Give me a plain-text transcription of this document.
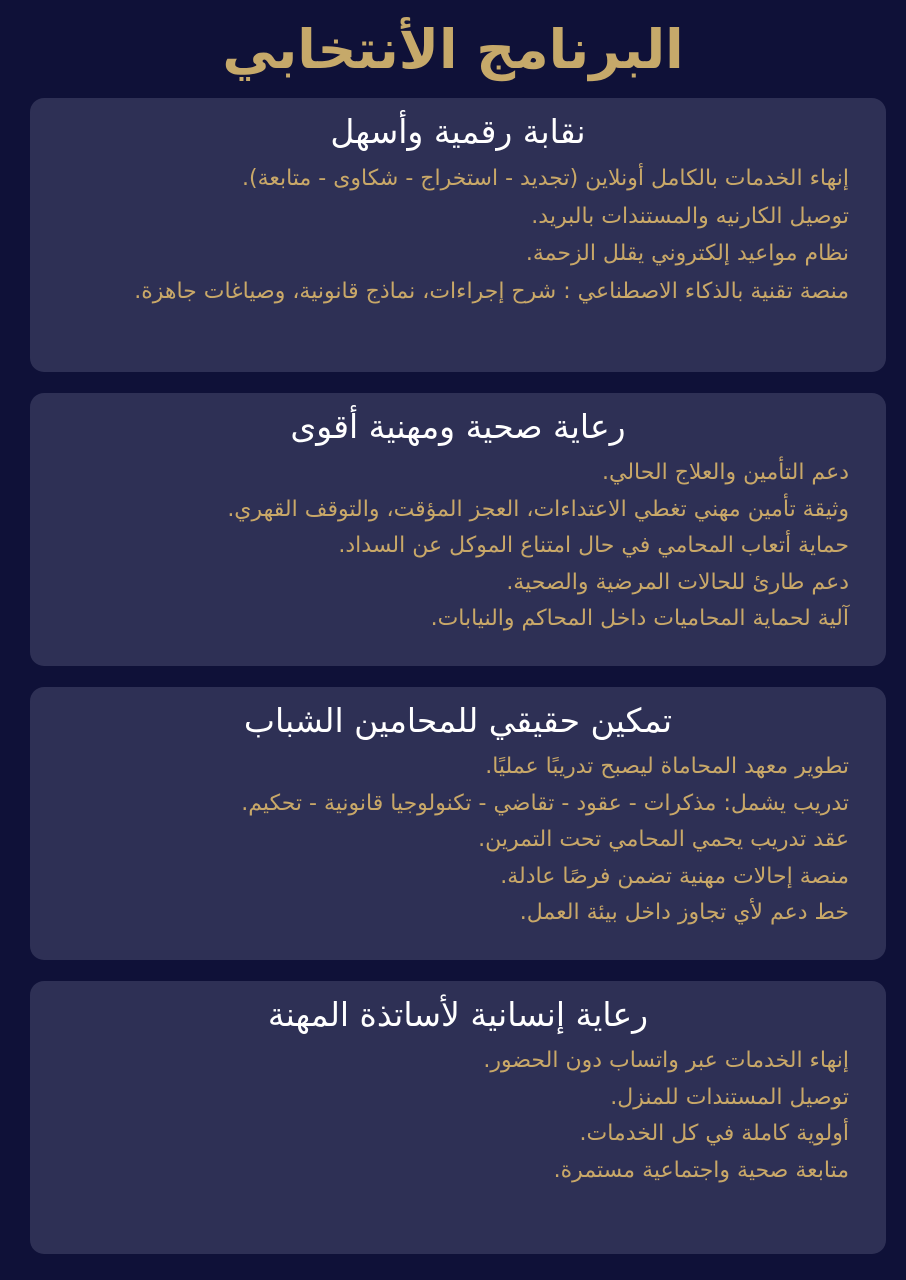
البرنامج الأنتخابي
نقابة رقمية وأسهل
إنهاء الخدمات بالكامل أونلاين (تجديد - استخراج - شكاوى - متابعة).
توصيل الكارنيه والمستندات بالبريد.
نظام مواعيد إلكتروني يقلل الزحمة.
منصة تقنية بالذكاء الاصطناعي : شرح إجراءات، نماذج قانونية، وصياغات جاهزة.
رعاية صحية ومهنية أقوى
دعم التأمين والعلاج الحالي.
وثيقة تأمين مهني تغطي الاعتداءات، العجز المؤقت، والتوقف القهري.
حماية أتعاب المحامي في حال امتناع الموكل عن السداد.
دعم طارئ للحالات المرضية والصحية.
آلية لحماية المحاميات داخل المحاكم والنيابات.
تمكين حقيقي للمحامين الشباب
تطوير معهد المحاماة ليصبح تدريبًا عمليًا.
تدريب يشمل: مذكرات - عقود - تقاضي - تكنولوجيا قانونية - تحكيم.
عقد تدريب يحمي المحامي تحت التمرين.
منصة إحالات مهنية تضمن فرصًا عادلة.
خط دعم لأي تجاوز داخل بيئة العمل.
رعاية إنسانية لأساتذة المهنة
إنهاء الخدمات عبر واتساب دون الحضور.
توصيل المستندات للمنزل.
أولوية كاملة في كل الخدمات.
متابعة صحية واجتماعية مستمرة.
